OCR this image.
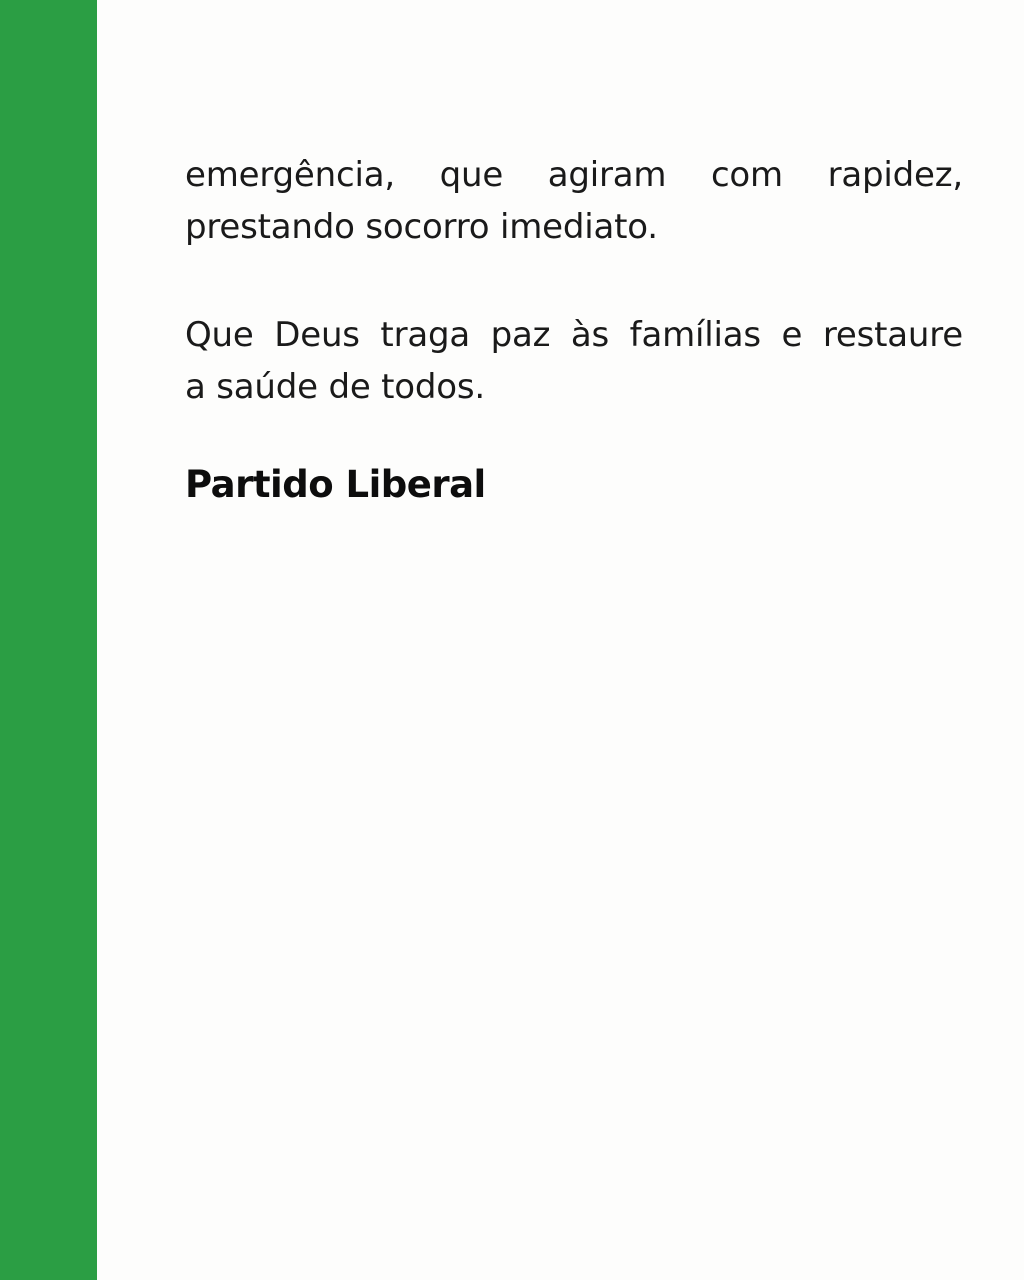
emergência, que agiram com rapidez,
prestando socorro imediato.

Que Deus traga paz às famílias e restaure
a saúde de todos.

Partido Liberal
